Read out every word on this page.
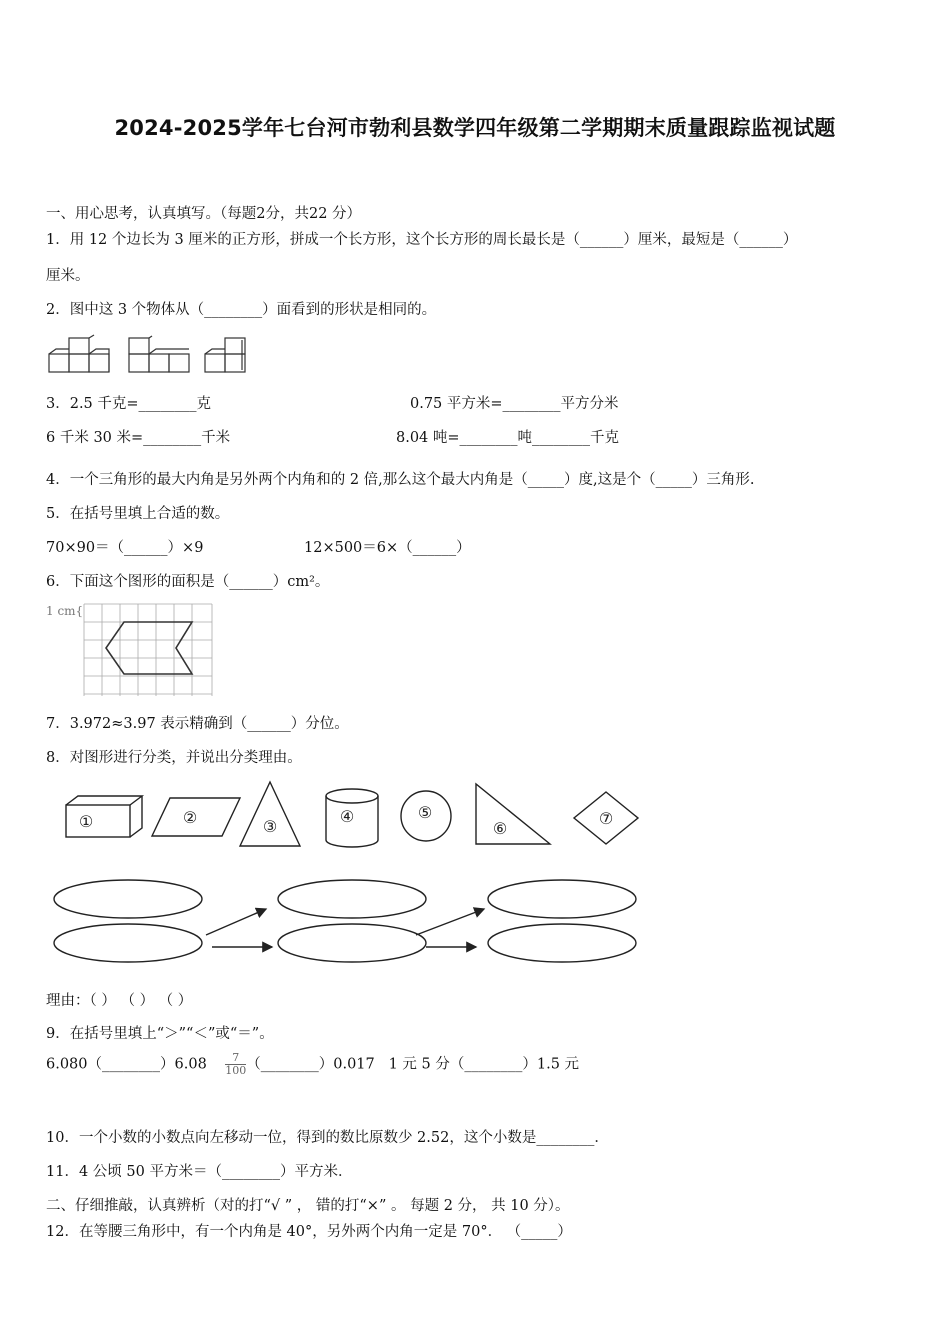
2024-2025学年七台河市勃利县数学四年级第二学期期末质量跟踪监视试题
一、用心思考，认真填写。（每题2分，共22 分）
1．用 12 个边长为 3 厘米的正方形，拼成一个长方形，这个长方形的周长最长是（______）厘米，最短是（______）
厘米。
2．图中这 3 个物体从（________）面看到的形状是相同的。
3．2.5 千克=________克	0.75 平方米=________平方分米
6 千米 30 米=________千米	8.04 吨=________吨________千克
4．一个三角形的最大内角是另外两个内角和的 2 倍,那么这个最大内角是（_____）度,这是个（_____）三角形.
5．在括号里填上合适的数。
70×90＝（______）×9	12×500＝6×（______）
6．下面这个图形的面积是（______）cm²。
1 cm{
7．3.972≈3.97 表示精确到（______）分位。
8．对图形进行分类，并说出分类理由。
①	②	③
④	⑤
⑥
⑦
理由：（ ） （ ） （ ）
9．在括号里填上“＞”“＜”或“＝”。
6.080（________）6.08 $\frac{7}{100}$ （________）0.017 1 元 5 分（________）1.5 元
10．一个小数的小数点向左移动一位，得到的数比原数少 2.52，这个小数是________．
11．4 公顷 50 平方米＝（________）平方米．
二、仔细推敲，认真辨析（对的打“√ ” ， 错的打“×” 。 每题 2 分， 共 10 分）。
12．在等腰三角形中，有一个内角是 40°，另外两个内角一定是 70°． （_____）
